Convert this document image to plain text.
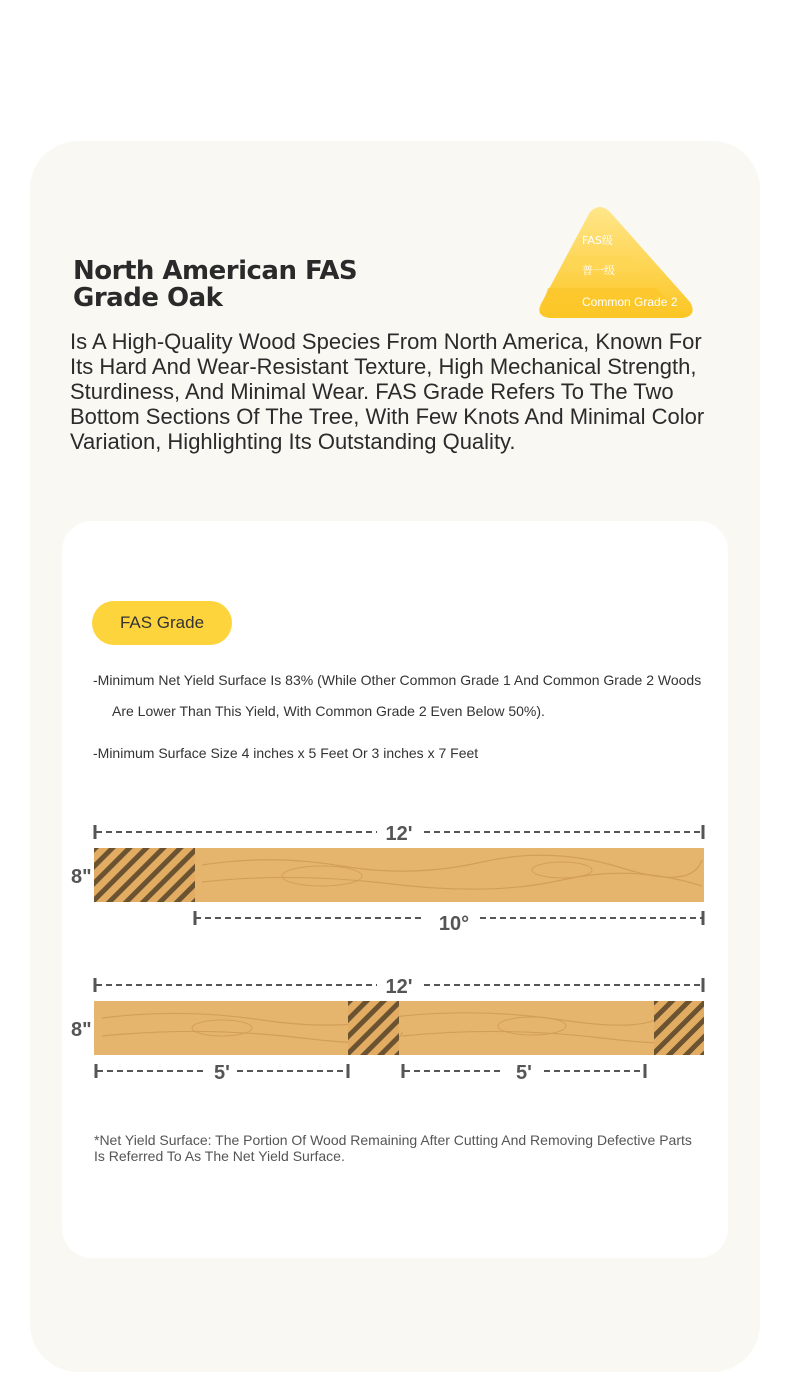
North American FAS
Grade Oak
FAS级
普一级
Common Grade 2

Is A High-Quality Wood Species From North America, Known For Its Hard And Wear-Resistant Texture, High Mechanical Strength, Sturdiness, And Minimal Wear. FAS Grade Refers To The Two Bottom Sections Of The Tree, With Few Knots And Minimal Color Variation, Highlighting Its Outstanding Quality.

FAS Grade
-Minimum Net Yield Surface Is 83% (While Other Common Grade 1 And Common Grade 2 Woods
Are Lower Than This Yield, With Common Grade 2 Even Below 50%).
-Minimum Surface Size 4 inches x 5 Feet Or 3 inches x 7 Feet
12'
8"
10°
12'
8"
5'	5'
*Net Yield Surface: The Portion Of Wood Remaining After Cutting And Removing Defective Parts Is Referred To As The Net Yield Surface.
